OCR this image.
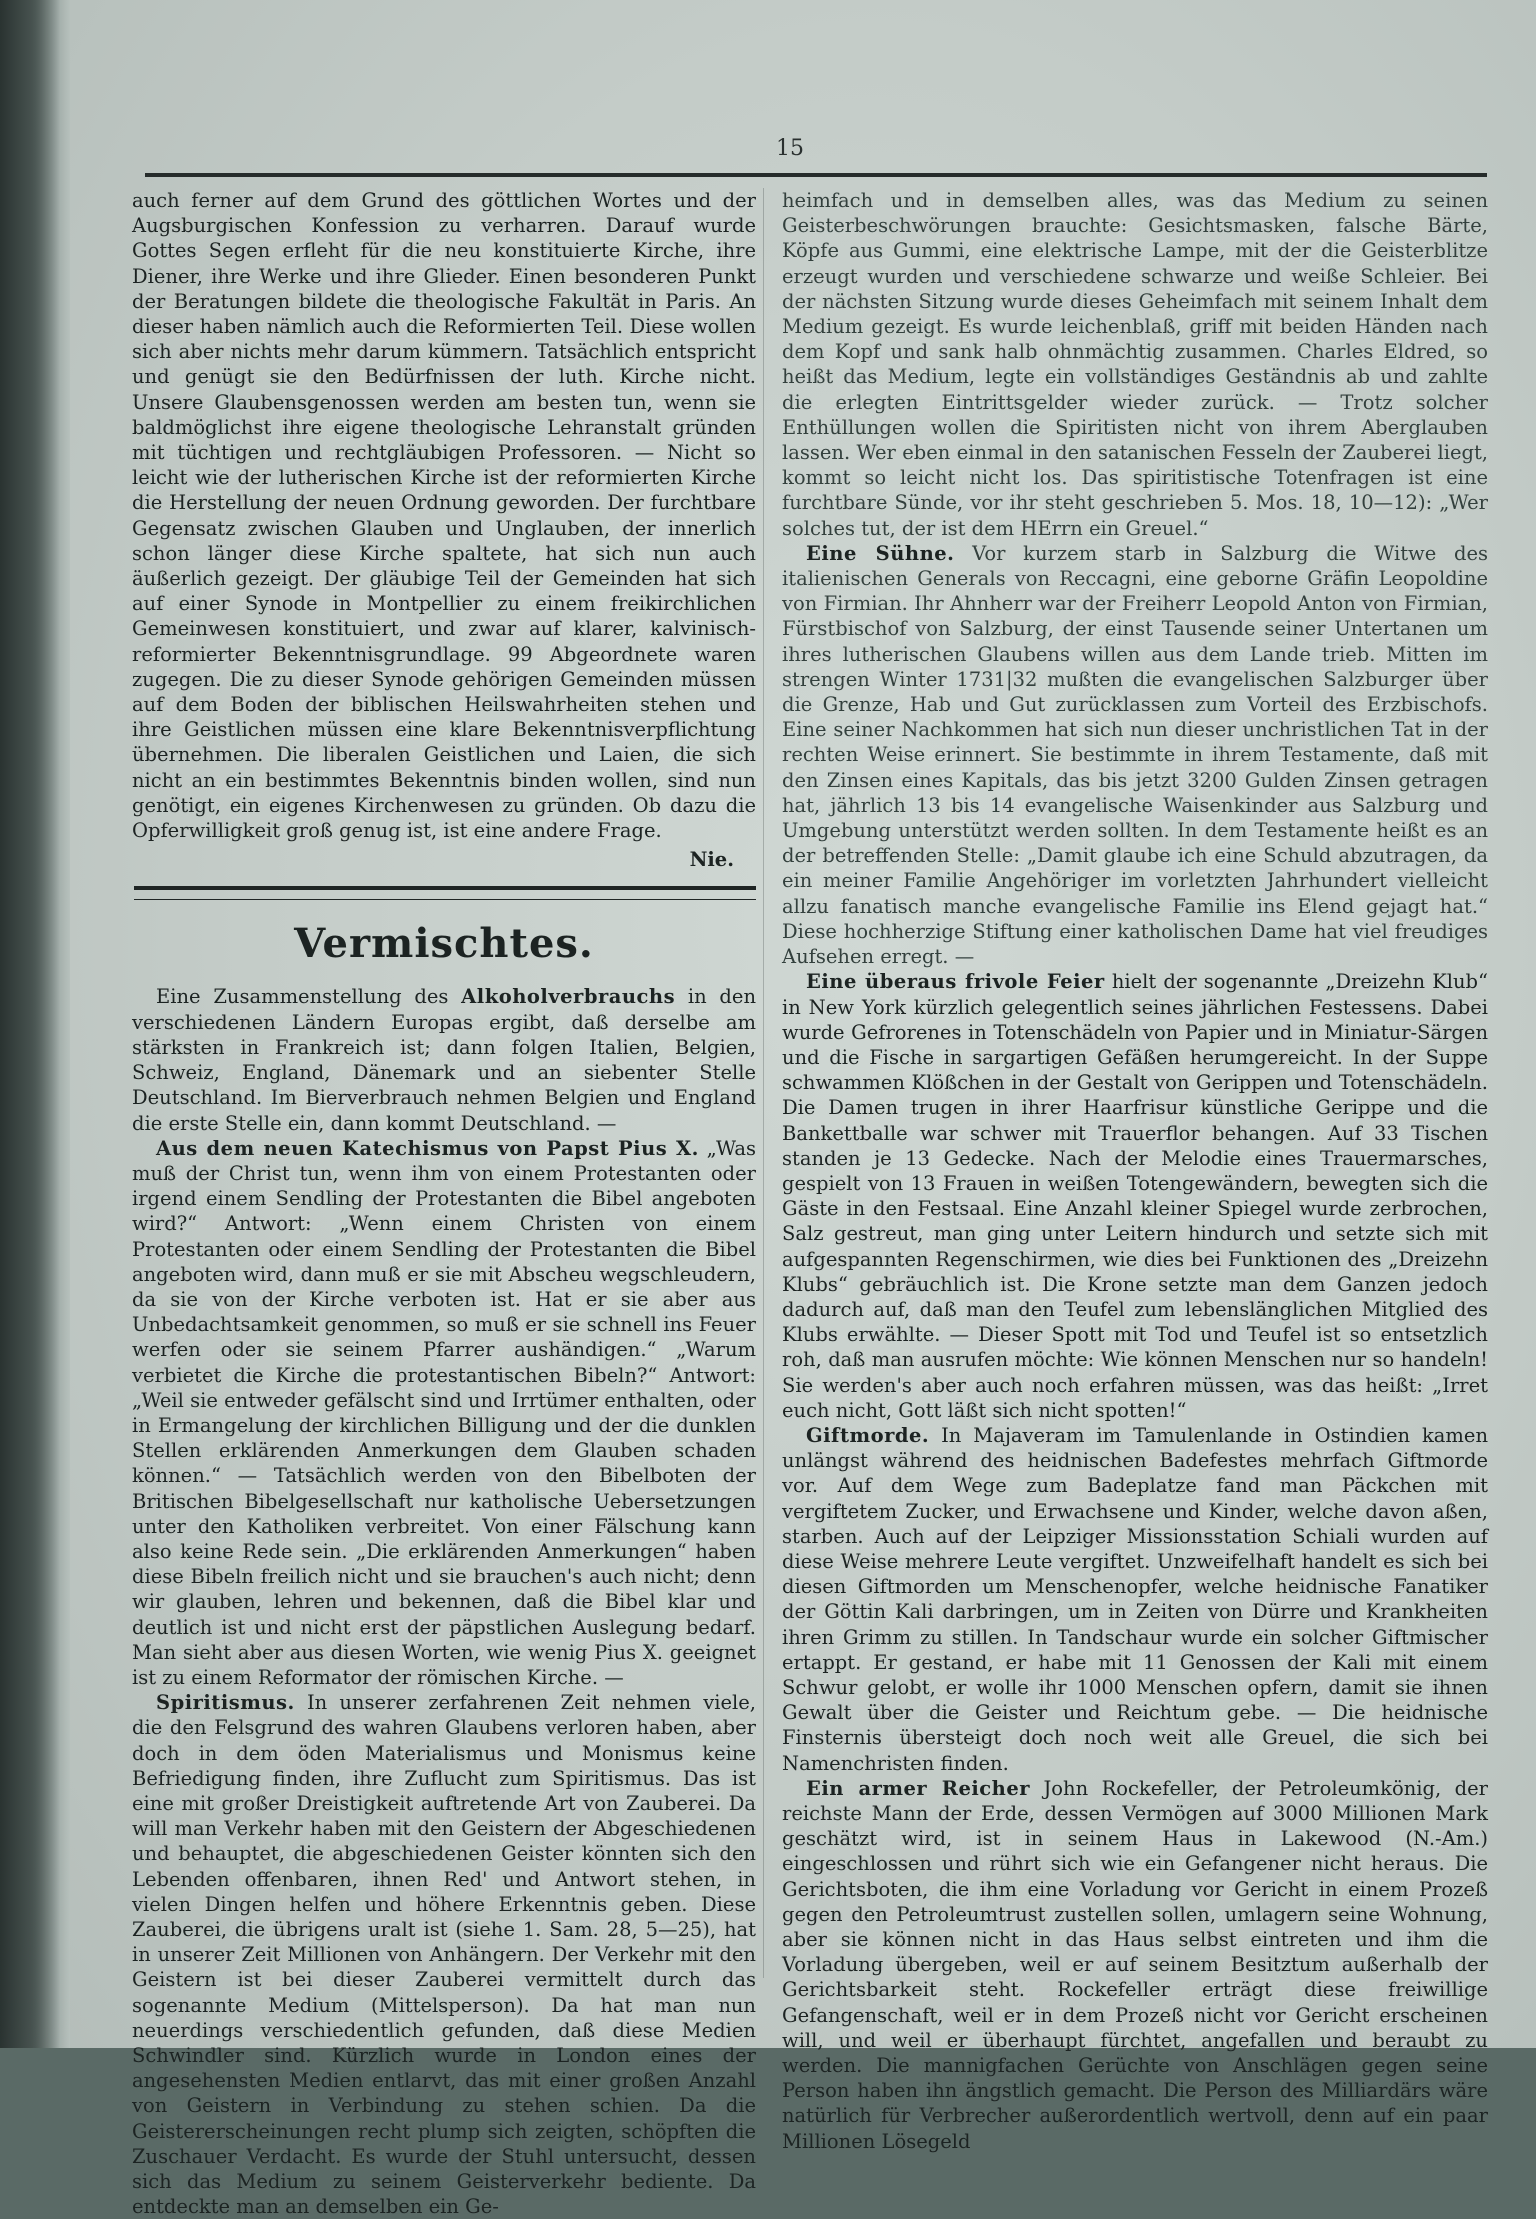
15

auch ferner auf dem Grund des göttlichen Wortes und der Augsburgischen Konfession zu verharren. Darauf wurde Gottes Segen erfleht für die neu konstituierte Kirche, ihre Diener, ihre Werke und ihre Glieder. Einen besonderen Punkt der Beratungen bildete die theologische Fakultät in Paris. An dieser haben nämlich auch die Reformierten Teil. Diese wollen sich aber nichts mehr darum kümmern. Tatsächlich entspricht und genügt sie den Bedürfnissen der luth. Kirche nicht. Unsere Glaubensgenossen werden am besten tun, wenn sie baldmöglichst ihre eigene theologische Lehranstalt gründen mit tüchtigen und rechtgläubigen Professoren. — Nicht so leicht wie der lutherischen Kirche ist der reformierten Kirche die Herstellung der neuen Ordnung geworden. Der furchtbare Gegensatz zwischen Glauben und Unglauben, der innerlich schon länger diese Kirche spaltete, hat sich nun auch äußerlich gezeigt. Der gläubige Teil der Gemeinden hat sich auf einer Synode in Montpellier zu einem freikirchlichen Gemeinwesen konstituiert, und zwar auf klarer, kalvinisch-reformierter Bekenntnisgrundlage. 99 Abgeordnete waren zugegen. Die zu dieser Synode gehörigen Gemeinden müssen auf dem Boden der biblischen Heilswahrheiten stehen und ihre Geistlichen müssen eine klare Bekenntnisverpflichtung übernehmen. Die liberalen Geistlichen und Laien, die sich nicht an ein bestimmtes Bekenntnis binden wollen, sind nun genötigt, ein eigenes Kirchenwesen zu gründen. Ob dazu die Opferwilligkeit groß genug ist, ist eine andere Frage.

Nie.
Vermischtes.

Eine Zusammenstellung des Alkoholverbrauchs in den verschiedenen Ländern Europas ergibt, daß derselbe am stärksten in Frankreich ist; dann folgen Italien, Belgien, Schweiz, England, Dänemark und an siebenter Stelle Deutschland. Im Bierverbrauch nehmen Belgien und England die erste Stelle ein, dann kommt Deutschland. —

Aus dem neuen Katechismus von Papst Pius X. „Was muß der Christ tun, wenn ihm von einem Protestanten oder irgend einem Sendling der Protestanten die Bibel angeboten wird?“ Antwort: „Wenn einem Christen von einem Protestanten oder einem Sendling der Protestanten die Bibel angeboten wird, dann muß er sie mit Abscheu wegschleudern, da sie von der Kirche verboten ist. Hat er sie aber aus Unbedachtsamkeit genommen, so muß er sie schnell ins Feuer werfen oder sie seinem Pfarrer aushändigen.“ „Warum verbietet die Kirche die protestantischen Bibeln?“ Antwort: „Weil sie entweder gefälscht sind und Irrtümer enthalten, oder in Ermangelung der kirchlichen Billigung und der die dunklen Stellen erklärenden Anmerkungen dem Glauben schaden können.“ — Tatsächlich werden von den Bibelboten der Britischen Bibelgesellschaft nur katholische Uebersetzungen unter den Katholiken verbreitet. Von einer Fälschung kann also keine Rede sein. „Die erklärenden Anmerkungen“ haben diese Bibeln freilich nicht und sie brauchen's auch nicht; denn wir glauben, lehren und bekennen, daß die Bibel klar und deutlich ist und nicht erst der päpstlichen Auslegung bedarf. Man sieht aber aus diesen Worten, wie wenig Pius X. geeignet ist zu einem Reformator der römischen Kirche. —

Spiritismus. In unserer zerfahrenen Zeit nehmen viele, die den Felsgrund des wahren Glaubens verloren haben, aber doch in dem öden Materialismus und Monismus keine Befriedigung finden, ihre Zuflucht zum Spiritismus. Das ist eine mit großer Dreistigkeit auftretende Art von Zauberei. Da will man Verkehr haben mit den Geistern der Abgeschiedenen und behauptet, die abgeschiedenen Geister könnten sich den Lebenden offenbaren, ihnen Red' und Antwort stehen, in vielen Dingen helfen und höhere Erkenntnis geben. Diese Zauberei, die übrigens uralt ist (siehe 1. Sam. 28, 5—25), hat in unserer Zeit Millionen von Anhängern. Der Verkehr mit den Geistern ist bei dieser Zauberei vermittelt durch das sogenannte Medium (Mittelsperson). Da hat man nun neuerdings verschiedentlich gefunden, daß diese Medien Schwindler sind. Kürzlich wurde in London eines der angesehensten Medien entlarvt, das mit einer großen Anzahl von Geistern in Verbindung zu stehen schien. Da die Geistererscheinungen recht plump sich zeigten, schöpften die Zuschauer Verdacht. Es wurde der Stuhl untersucht, dessen sich das Medium zu seinem Geisterverkehr bediente. Da entdeckte man an demselben ein Ge-

heimfach und in demselben alles, was das Medium zu seinen Geisterbeschwörungen brauchte: Gesichtsmasken, falsche Bärte, Köpfe aus Gummi, eine elektrische Lampe, mit der die Geisterblitze erzeugt wurden und verschiedene schwarze und weiße Schleier. Bei der nächsten Sitzung wurde dieses Geheimfach mit seinem Inhalt dem Medium gezeigt. Es wurde leichenblaß, griff mit beiden Händen nach dem Kopf und sank halb ohnmächtig zusammen. Charles Eldred, so heißt das Medium, legte ein vollständiges Geständnis ab und zahlte die erlegten Eintrittsgelder wieder zurück. — Trotz solcher Enthüllungen wollen die Spiritisten nicht von ihrem Aberglauben lassen. Wer eben einmal in den satanischen Fesseln der Zauberei liegt, kommt so leicht nicht los. Das spiritistische Totenfragen ist eine furchtbare Sünde, vor ihr steht geschrieben 5. Mos. 18, 10—12): „Wer solches tut, der ist dem HErrn ein Greuel.“

Eine Sühne. Vor kurzem starb in Salzburg die Witwe des italienischen Generals von Reccagni, eine geborne Gräfin Leopoldine von Firmian. Ihr Ahnherr war der Freiherr Leopold Anton von Firmian, Fürstbischof von Salzburg, der einst Tausende seiner Untertanen um ihres lutherischen Glaubens willen aus dem Lande trieb. Mitten im strengen Winter 1731|32 mußten die evangelischen Salzburger über die Grenze, Hab und Gut zurücklassen zum Vorteil des Erzbischofs. Eine seiner Nachkommen hat sich nun dieser unchristlichen Tat in der rechten Weise erinnert. Sie bestimmte in ihrem Testamente, daß mit den Zinsen eines Kapitals, das bis jetzt 3200 Gulden Zinsen getragen hat, jährlich 13 bis 14 evangelische Waisenkinder aus Salzburg und Umgebung unterstützt werden sollten. In dem Testamente heißt es an der betreffenden Stelle: „Damit glaube ich eine Schuld abzutragen, da ein meiner Familie Angehöriger im vorletzten Jahrhundert vielleicht allzu fanatisch manche evangelische Familie ins Elend gejagt hat.“ Diese hochherzige Stiftung einer katholischen Dame hat viel freudiges Aufsehen erregt. —

Eine überaus frivole Feier hielt der sogenannte „Dreizehn Klub“ in New York kürzlich gelegentlich seines jährlichen Festessens. Dabei wurde Gefrorenes in Totenschädeln von Papier und in Miniatur-Särgen und die Fische in sargartigen Gefäßen herumgereicht. In der Suppe schwammen Klößchen in der Gestalt von Gerippen und Totenschädeln. Die Damen trugen in ihrer Haarfrisur künstliche Gerippe und die Bankettballe war schwer mit Trauerflor behangen. Auf 33 Tischen standen je 13 Gedecke. Nach der Melodie eines Trauermarsches, gespielt von 13 Frauen in weißen Totengewändern, bewegten sich die Gäste in den Festsaal. Eine Anzahl kleiner Spiegel wurde zerbrochen, Salz gestreut, man ging unter Leitern hindurch und setzte sich mit aufgespannten Regenschirmen, wie dies bei Funktionen des „Dreizehn Klubs“ gebräuchlich ist. Die Krone setzte man dem Ganzen jedoch dadurch auf, daß man den Teufel zum lebenslänglichen Mitglied des Klubs erwählte. — Dieser Spott mit Tod und Teufel ist so entsetzlich roh, daß man ausrufen möchte: Wie können Menschen nur so handeln! Sie werden's aber auch noch erfahren müssen, was das heißt: „Irret euch nicht, Gott läßt sich nicht spotten!“

Giftmorde. In Majaveram im Tamulenlande in Ostindien kamen unlängst während des heidnischen Badefestes mehrfach Giftmorde vor. Auf dem Wege zum Badeplatze fand man Päckchen mit vergiftetem Zucker, und Erwachsene und Kinder, welche davon aßen, starben. Auch auf der Leipziger Missionsstation Schiali wurden auf diese Weise mehrere Leute vergiftet. Unzweifelhaft handelt es sich bei diesen Giftmorden um Menschenopfer, welche heidnische Fanatiker der Göttin Kali darbringen, um in Zeiten von Dürre und Krankheiten ihren Grimm zu stillen. In Tandschaur wurde ein solcher Giftmischer ertappt. Er gestand, er habe mit 11 Genossen der Kali mit einem Schwur gelobt, er wolle ihr 1000 Menschen opfern, damit sie ihnen Gewalt über die Geister und Reichtum gebe. — Die heidnische Finsternis übersteigt doch noch weit alle Greuel, die sich bei Namenchristen finden.

Ein armer Reicher John Rockefeller, der Petroleumkönig, der reichste Mann der Erde, dessen Vermögen auf 3000 Millionen Mark geschätzt wird, ist in seinem Haus in Lakewood (N.-Am.) eingeschlossen und rührt sich wie ein Gefangener nicht heraus. Die Gerichtsboten, die ihm eine Vorladung vor Gericht in einem Prozeß gegen den Petroleumtrust zustellen sollen, umlagern seine Wohnung, aber sie können nicht in das Haus selbst eintreten und ihm die Vorladung übergeben, weil er auf seinem Besitztum außerhalb der Gerichtsbarkeit steht. Rockefeller erträgt diese freiwillige Gefangenschaft, weil er in dem Prozeß nicht vor Gericht erscheinen will, und weil er überhaupt fürchtet, angefallen und beraubt zu werden. Die mannigfachen Gerüchte von Anschlägen gegen seine Person haben ihn ängstlich gemacht. Die Person des Milliardärs wäre natürlich für Verbrecher außerordentlich wertvoll, denn auf ein paar Millionen Lösegeld
